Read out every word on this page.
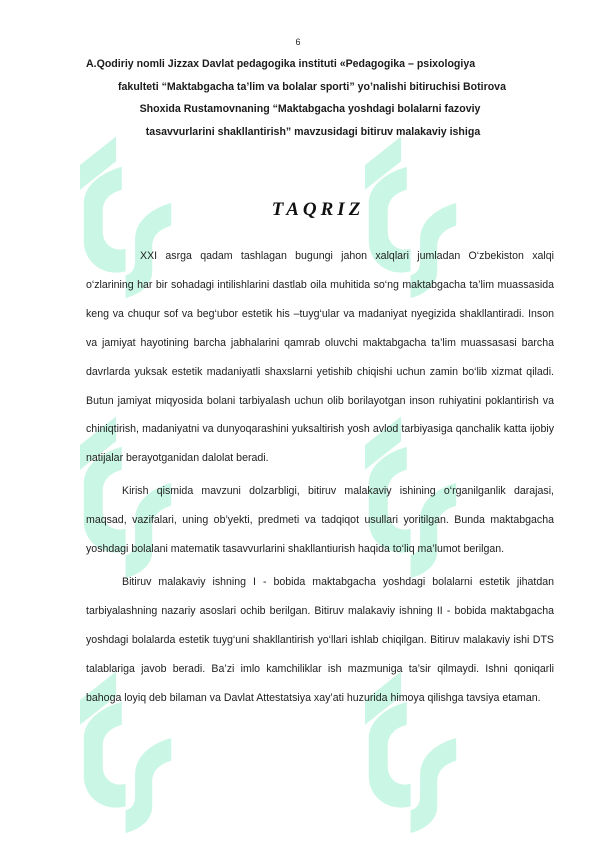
6
A.Qodiriy nomli Jizzax Davlat pedagogika instituti «Pedagogika – psixologiya
fakulteti “Maktabgacha ta’lim va bolalar sporti” yo’nalishi bitiruchisi Botirova
Shoxida Rustamovnaning “Maktabgacha yoshdagi bolalarni fazoviy
tasavvurlarini shakllantirish” mavzusidagi bitiruv malakaviy ishiga
TAQRIZ

XXI asrga qadam tashlagan bugungi jahon xalqlari jumladan O‘zbekiston xalqi o‘zlarining har bir sohadagi intilishlarini dastlab oila muhitida so‘ng maktabgacha ta’lim muassasida keng va chuqur sof va beg‘ubor estetik his –tuyg‘ular va madaniyat nyegizida shakllantiradi. Inson va jamiyat hayotining barcha jabhalarini qamrab oluvchi maktabgacha ta’lim muassasasi barcha davrlarda yuksak estetik madaniyatli shaxslarni yetishib chiqishi uchun zamin bo‘lib xizmat qiladi. Butun jamiyat miqyosida bolani tarbiyalash uchun olib borilayotgan inson ruhiyatini poklantirish va chiniqtirish, madaniyatni va dunyoqarashini yuksaltirish yosh avlod tarbiyasiga qanchalik katta ijobiy natijalar berayotganidan dalolat beradi.

Kirish qismida mavzuni dolzarbligi, bitiruv malakaviy ishining o‘rganilganlik darajasi, maqsad, vazifalari, uning ob’yekti, predmeti va tadqiqot usullari yoritilgan. Bunda maktabgacha yoshdagi bolalani matematik tasavvurlarini shakllantiurish haqida to‘liq ma’lumot berilgan.

Bitiruv malakaviy ishning I - bobida maktabgacha yoshdagi bolalarni estetik jihatdan tarbiyalashning nazariy asoslari ochib berilgan. Bitiruv malakaviy ishning II - bobida maktabgacha yoshdagi bolalarda estetik tuyg‘uni shakllantirish yo‘llari ishlab chiqilgan. Bitiruv malakaviy ishi DTS talablariga javob beradi. Ba’zi imlo kamchiliklar ish mazmuniga ta’sir qilmaydi. Ishni qoniqarli bahoga loyiq deb bilaman va Davlat Attestatsiya xay’ati huzurida himoya qilishga tavsiya etaman.
